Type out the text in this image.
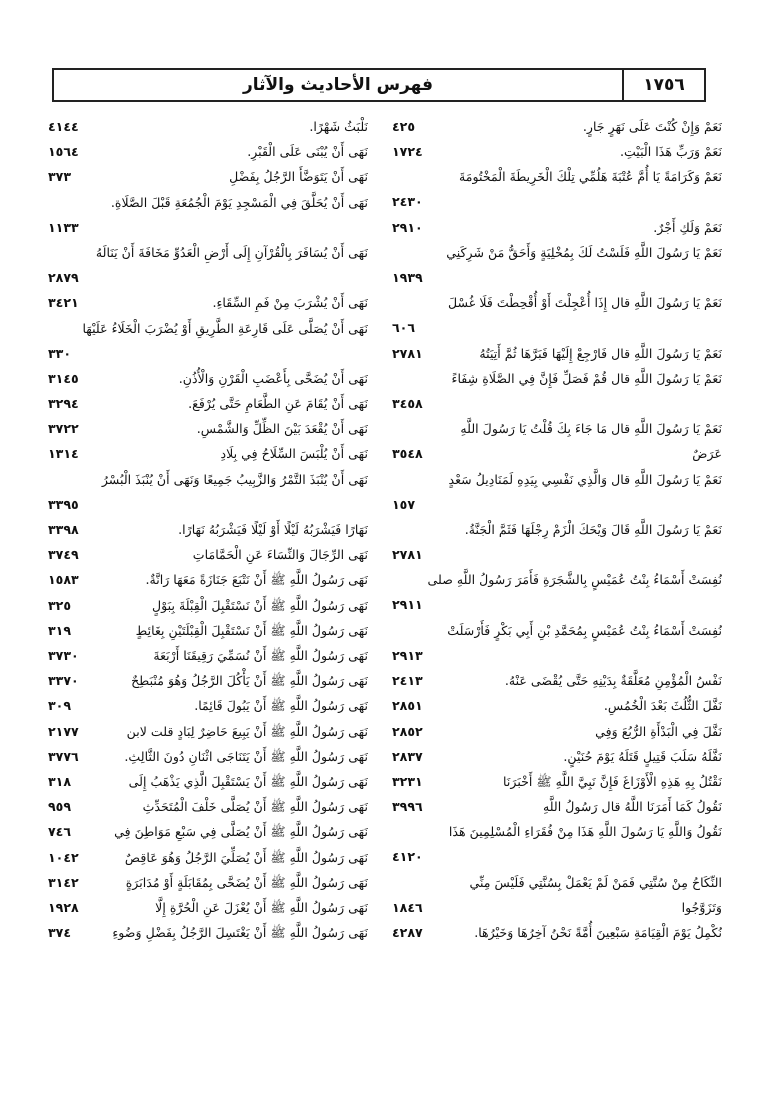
١٧٥٦
فهرس الأحاديث والآثار
نَعَمْ وَإِنْ كُنْتَ عَلَى نَهَرٍ جَارٍ.
٤٢٥
نَعَمْ وَرَبِّ هَذَا الْبَيْتِ.
١٧٢٤
نَعَمْ وَكَرَامَةً يَا أُمَّ عُتْبَةَ هَلُمِّي تِلْكَ الْخَرِيطَةَ الْمَخْتُومَةَ
٢٤٣٠
نَعَمْ وَلَكِ أَجْرٌ.
٢٩١٠
نَعَمْ يَا رَسُولَ اللَّهِ فَلَسْتُ لَكَ بِمُخْلِيَةٍ وَأَحَقُّ مَنْ شَرِكَنِي
١٩٣٩
نَعَمْ يَا رَسُولَ اللَّهِ قال إِذَا أُعْجِلْتَ أَوْ أُقْحِطْتَ فَلَا غُسْلَ
٦٠٦
نَعَمْ يَا رَسُولَ اللَّهِ قال فَارْجِعْ إِلَيْهَا فَبَرَّهَا ثُمَّ أَتِيَتُهُ
٢٧٨١
نَعَمْ يَا رَسُولَ اللَّهِ قال قُمْ فَصَلِّ فَإِنَّ فِي الصَّلَاةِ شِفَاءً
٣٤٥٨
نَعَمْ يَا رَسُولَ اللَّهِ قال مَا جَاءَ بِكَ قُلْتُ يَا رَسُولَ اللَّهِ
عَرَضٌ
٣٥٤٨
نَعَمْ يَا رَسُولَ اللَّهِ قال وَالَّذِي نَفْسِي بِيَدِهِ لَمَنَادِيلُ سَعْدٍ
١٥٧
نَعَمْ يَا رَسُولَ اللَّهِ قَالَ وَيْحَكَ الْزَمْ رِجْلَهَا فَثَمَّ الْجَنَّةُ.
٢٧٨١
نُفِسَتْ أَسْمَاءُ بِنْتُ عُمَيْسٍ بِالشَّجَرَةِ فَأَمَرَ رَسُولُ اللَّهِ صلى
٢٩١١
نُفِسَتْ أَسْمَاءُ بِنْتُ عُمَيْسٍ بِمُحَمَّدِ بْنِ أَبِي بَكْرٍ فَأَرْسَلَتْ
٢٩١٣
نَفْسُ الْمُؤْمِنِ مُعَلَّقَةٌ بِدَيْنِهِ حَتَّى يُقْضَى عَنْهُ.
٢٤١٣
نَفَّلَ الثُّلُثَ بَعْدَ الْخُمُسِ.
٢٨٥١
نَفَّلَ فِي الْبَدْأَةِ الرُّبُعَ وَفِي
٢٨٥٢
نَفَّلَهُ سَلَبَ قَتِيلٍ قَتَلَهُ يَوْمَ حُنَيْنٍ.
٢٨٣٧
نَقْتُلُ بِهِ هَذِهِ الْأَوْزَاغَ فَإِنَّ نَبِيَّ اللَّهِ ﷺ أَخْبَرَنَا
٣٢٣١
نَقُولُ كَمَا أَمَرَنَا اللَّهُ قال رَسُولُ اللَّهِ
٣٩٩٦
نَقُولُ وَاللَّهِ يَا رَسُولَ اللَّهِ هَذَا مِنْ فُقَرَاءِ الْمُسْلِمِينَ هَذَا
٤١٢٠
النِّكَاحُ مِنْ سُنَّتِي فَمَنْ لَمْ يَعْمَلْ بِسُنَّتِي فَلَيْسَ مِنِّي
وَتَزَوَّجُوا
١٨٤٦
نُكْمِلُ يَوْمَ الْقِيَامَةِ سَبْعِينَ أُمَّةً نَحْنُ آخِرُهَا وَخَيْرُهَا.
٤٢٨٧
نَلْبَثُ شَهْرًا.
٤١٤٤
نَهَى أَنْ يُبْنَى عَلَى الْقَبْرِ.
١٥٦٤
نَهَى أَنْ يَتَوَضَّأَ الرَّجُلُ بِفَضْلِ
٣٧٣
نَهَى أَنْ يُحَلَّقَ فِي الْمَسْجِدِ يَوْمَ الْجُمُعَةِ قَبْلَ الصَّلَاةِ.
١١٣٣
نَهَى أَنْ يُسَافَرَ بِالْقُرْآنِ إِلَى أَرْضِ الْعَدُوِّ مَخَافَةَ أَنْ يَنَالَهُ
٢٨٧٩
نَهَى أَنْ يُشْرَبَ مِنْ فَمِ السِّقَاءِ.
٣٤٢١
نَهَى أَنْ يُصَلَّى عَلَى قَارِعَةِ الطَّرِيقِ أَوْ يُضْرَبَ الْخَلَاءُ عَلَيْهَا
٣٣٠
نَهَى أَنْ يُضَحَّى بِأَعْضَبِ الْقَرْنِ وَالْأُذُنِ.
٣١٤٥
نَهَى أَنْ يُقَامَ عَنِ الطَّعَامِ حَتَّى يُرْفَعَ.
٣٢٩٤
نَهَى أَنْ يُقْعَدَ بَيْنَ الظِّلِّ وَالشَّمْسِ.
٣٧٢٢
نَهَى أَنْ يُلْبَسَ السِّلَاحُ فِي بِلَادِ
١٣١٤
نَهَى أَنْ يُنْبَذَ التَّمْرُ وَالزَّبِيبُ جَمِيعًا وَنَهَى أَنْ يُنْبَذَ الْبُسْرُ
٣٣٩٥
نَهَارًا فَيَشْرَبُهُ لَيْلًا أَوْ لَيْلًا فَيَشْرَبُهُ نَهَارًا.
٣٣٩٨
نَهَى الرِّجَالَ وَالنِّسَاءَ عَنِ الْحَمَّامَاتِ
٣٧٤٩
نَهَى رَسُولُ اللَّهِ ﷺ أَنْ نَتْبَعَ جَنَازَةً مَعَهَا رَانَّةٌ.
١٥٨٣
نَهَى رَسُولُ اللَّهِ ﷺ أَنْ نَسْتَقْبِلَ الْقِبْلَةَ بِبَوْلٍ
٣٢٥
نَهَى رَسُولُ اللَّهِ ﷺ أَنْ نَسْتَقْبِلَ الْقِبْلَتَيْنِ بِغَائِطٍ
٣١٩
نَهَى رَسُولُ اللَّهِ ﷺ أَنْ نُسَمِّيَ رَقِيقَنَا أَرْبَعَةَ
٣٧٣٠
نَهَى رَسُولُ اللَّهِ ﷺ أَنْ يَأْكُلَ الرَّجُلُ وَهُوَ مُنْبَطِحٌ
٣٣٧٠
نَهَى رَسُولُ اللَّهِ ﷺ أَنْ يَبُولَ قَائِمًا.
٣٠٩
نَهَى رَسُولُ اللَّهِ ﷺ أَنْ يَبِيعَ حَاضِرٌ لِبَادٍ قلت لابن
٢١٧٧
نَهَى رَسُولُ اللَّهِ ﷺ أَنْ يَتَنَاجَى اثْنَانِ دُونَ الثَّالِثِ.
٣٧٧٦
نَهَى رَسُولُ اللَّهِ ﷺ أَنْ يَسْتَقْبِلَ الَّذِي يَذْهَبُ إِلَى
٣١٨
نَهَى رَسُولُ اللَّهِ ﷺ أَنْ يُصَلَّى خَلْفَ الْمُتَحَدِّثِ
٩٥٩
نَهَى رَسُولُ اللَّهِ ﷺ أَنْ يُصَلَّى فِي سَبْعِ مَوَاطِنَ فِي
٧٤٦
نَهَى رَسُولُ اللَّهِ ﷺ أَنْ يُصَلِّيَ الرَّجُلُ وَهُوَ عَاقِصٌ
١٠٤٢
نَهَى رَسُولُ اللَّهِ ﷺ أَنْ يُضَحَّى بِمُقَابَلَةٍ أَوْ مُدَابَرَةٍ
٣١٤٢
نَهَى رَسُولُ اللَّهِ ﷺ أَنْ يُعْزَلَ عَنِ الْحُرَّةِ إِلَّا
١٩٢٨
نَهَى رَسُولُ اللَّهِ ﷺ أَنْ يَغْتَسِلَ الرَّجُلُ بِفَضْلِ وَضُوءِ
٣٧٤
